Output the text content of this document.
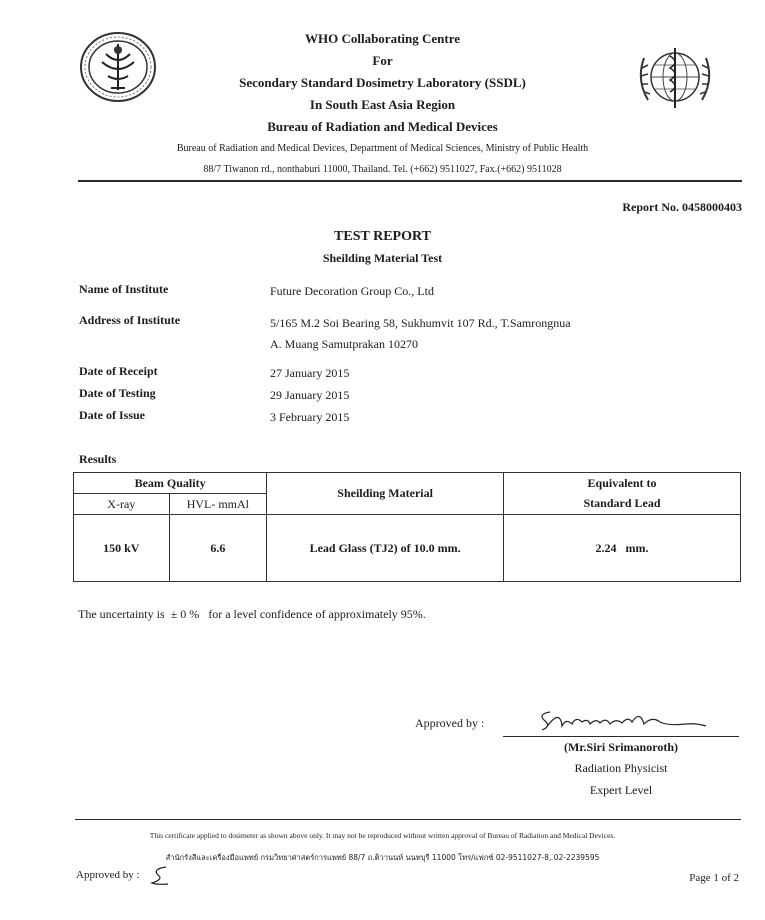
WHO Collaborating Centre
For
Secondary Standard Dosimetry Laboratory (SSDL)
In South East Asia Region
Bureau of Radiation and Medical Devices
Bureau of Radiation and Medical Devices, Department of Medical Sciences, Ministry of Public Health
88/7 Tiwanon rd., nonthaburi 11000, Thailand. Tel. (+662) 9511027, Fax.(+662) 9511028
Report No. 0458000403
TEST REPORT
Sheilding Material Test
Name of Institute	Future Decoration Group Co., Ltd
Address of Institute	5/165 M.2 Soi Bearing 58, Sukhumvit 107 Rd., T.Samrongnua
A. Muang Samutprakan 10270
Date of Receipt	27 January 2015
Date of Testing	29 January 2015
Date of Issue	3 February 2015
Results
Beam Quality		Sheilding Material	Equivalent to
X-ray	HVL- mmAl		Standard Lead
150 kV	6.6	Lead Glass (TJ2) of 10.0 mm.	2.24   mm.
The uncertainty is  ± 0 %   for a level confidence of approximately 95%.
Approved by :
(Mr.Siri Srimanoroth)
Radiation Physicist
Expert Level
This certificate applied to dosimeter as shown above only. It may not be reproduced without written approval of Bureau of Radiation and Medical Devices.
สำนักรังสีและเครื่องมือแพทย์ กรมวิทยาศาสตร์การแพทย์ 88/7 ถ.ติวานนท์ นนทบุรี 11000 โทร/แฟกซ์ 02-9511027-8, 02-2239595
Approved by :	Page 1 of 2
